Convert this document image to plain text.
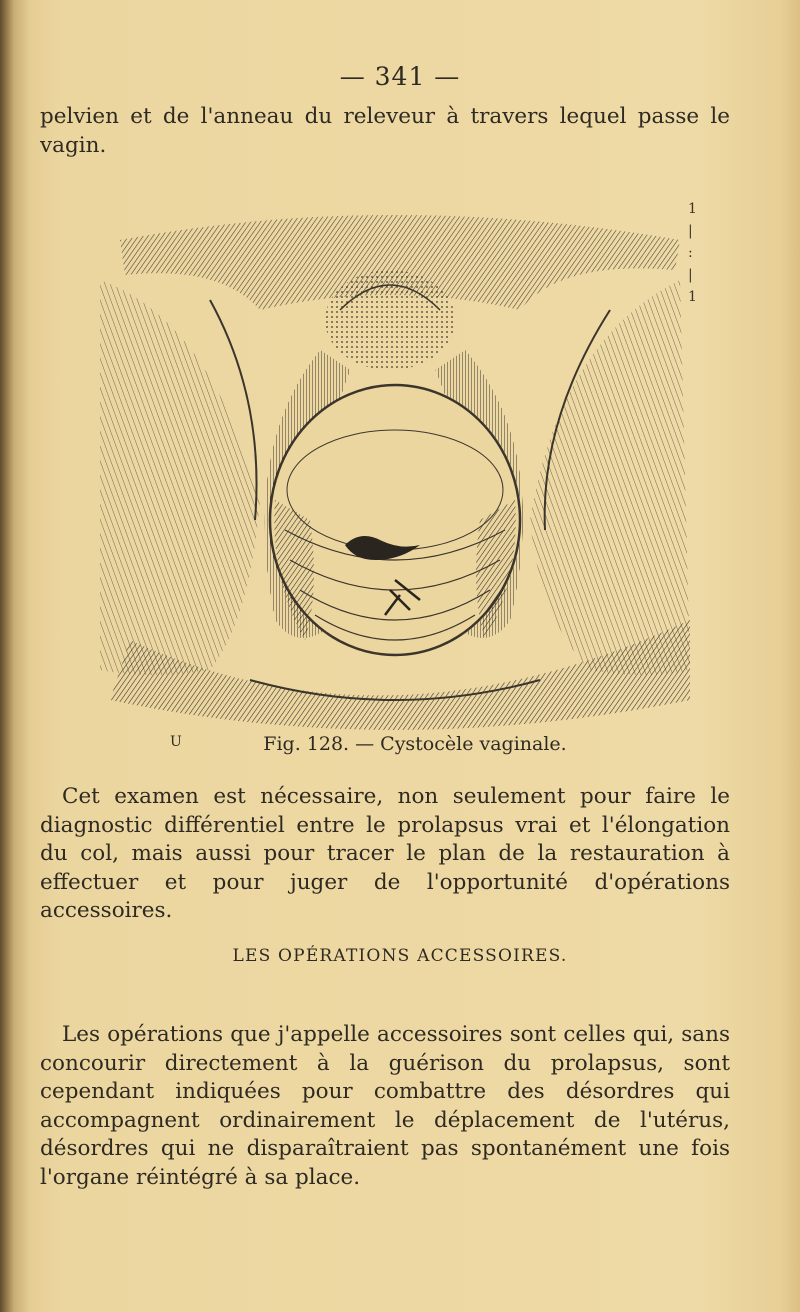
— 341 —

pelvien et de l'anneau du releveur à travers lequel passe le vagin.

U
1
|
:
|
1

Fig. 128. — Cystocèle vaginale.

Cet examen est nécessaire, non seulement pour faire le diagnostic différentiel entre le prolapsus vrai et l'élongation du col, mais aussi pour tracer le plan de la restauration à effectuer et pour juger de l'opportunité d'opérations accessoires.

LES OPÉRATIONS ACCESSOIRES.

Les opérations que j'appelle accessoires sont celles qui, sans concourir directement à la guérison du prolapsus, sont cependant indiquées pour combattre des désordres qui accompagnent ordinairement le déplacement de l'utérus, désordres qui ne disparaîtraient pas spontanément une fois l'organe réintégré à sa place.
